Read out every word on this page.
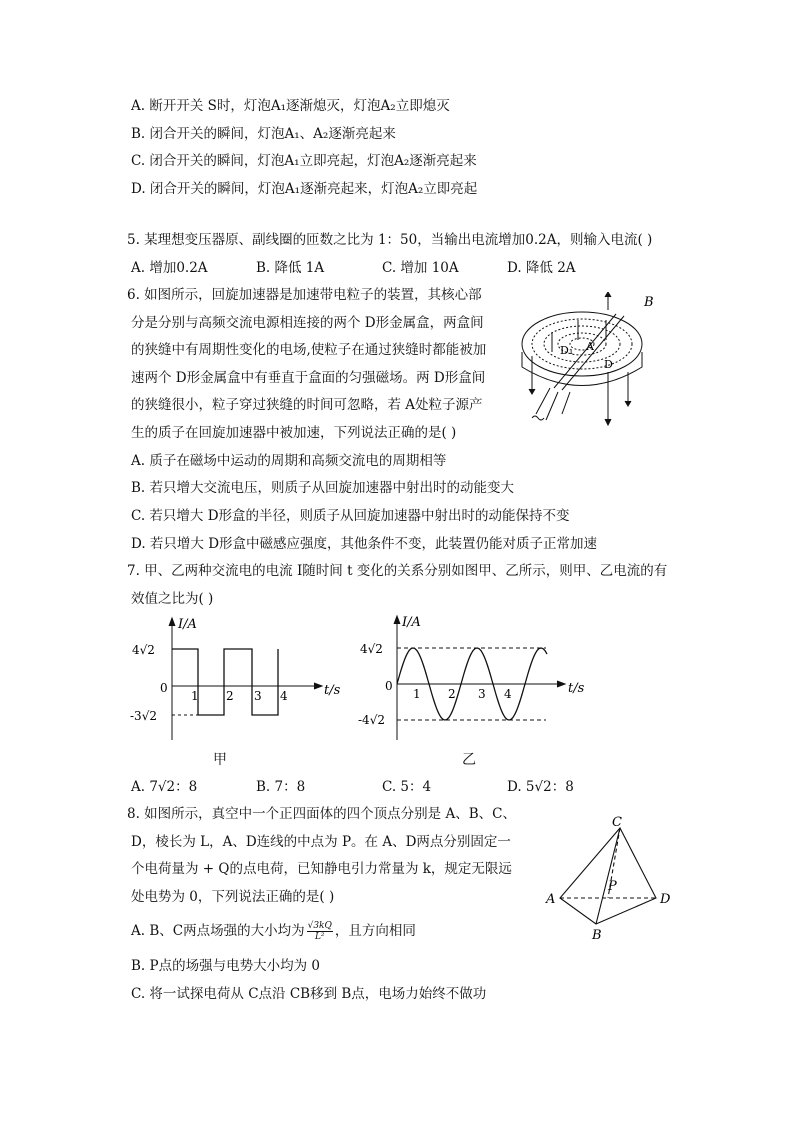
A. 断开开关 S时，灯泡A₁逐渐熄灭，灯泡A₂立即熄灭
B. 闭合开关的瞬间，灯泡A₁、A₂逐渐亮起来
C. 闭合开关的瞬间，灯泡A₁立即亮起，灯泡A₂逐渐亮起来
D. 闭合开关的瞬间，灯泡A₁逐渐亮起来，灯泡A₂立即亮起
5. 某理想变压器原、副线圈的匝数之比为 1：50，当输出电流增加0.2A，则输入电流( )
A. 增加0.2A	B. 降低 1A	C. 增加 10A	D. 降低 2A
6. 如图所示，回旋加速器是加速带电粒子的装置，其核心部
分是分别与高频交流电源相连接的两个 D形金属盒，两盒间
的狭缝中有周期性变化的电场,使粒子在通过狭缝时都能被加
速两个 D形金属盒中有垂直于盒面的匀强磁场。两 D形盒间
的狭缝很小，粒子穿过狭缝的时间可忽略，若 A处粒子源产
生的质子在回旋加速器中被加速，下列说法正确的是( )
A. 质子在磁场中运动的周期和高频交流电的周期相等
B. 若只增大交流电压，则质子从回旋加速器中射出时的动能变大
C. 若只增大 D形盒的半径，则质子从回旋加速器中射出时的动能保持不变
D. 若只增大 D形盒中磁感应强度，其他条件不变，此装置仍能对质子正常加速
B
D₁ A
D
7. 甲、乙两种交流电的电流 I随时间 t 变化的关系分别如图甲、乙所示，则甲、乙电流的有
效值之比为( )
I/A
4√2
0
-3√2
1 2 3 4	t/s
甲
I/A
4√2
0
-4√2
1 2 3 4	t/s
乙
A. 7√2：8	B. 7：8	C. 5：4	D. 5√2：8
8. 如图所示，真空中一个正四面体的四个顶点分别是 A、B、C、
D，棱长为 L，A、D连线的中点为 P。在 A、D两点分别固定一
个电荷量为 + Q的点电荷，已知静电引力常量为 k，规定无限远
处电势为 0，下列说法正确的是( )
A. B、C两点场强的大小均为 $\frac{√3kQ}{\text{L²}}$ ，且方向相同
B. P点的场强与电势大小均为 0
C. 将一试探电荷从 C点沿 CB移到 B点，电场力始终不做功
C
P
A	D
B
